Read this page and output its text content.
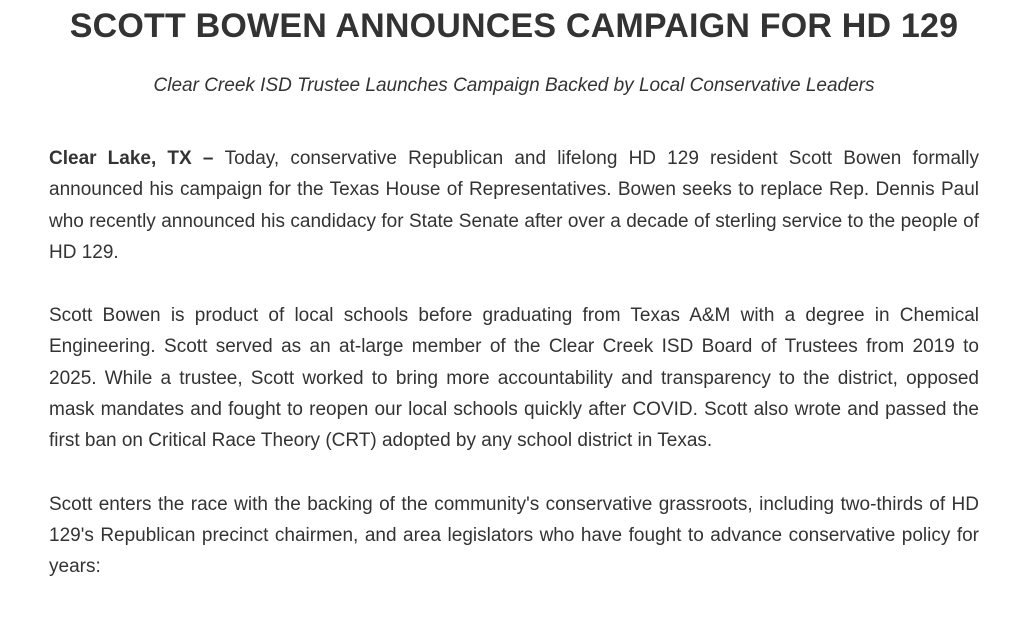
SCOTT BOWEN ANNOUNCES CAMPAIGN FOR HD 129

Clear Creek ISD Trustee Launches Campaign Backed by Local Conservative Leaders

Clear Lake, TX – Today, conservative Republican and lifelong HD 129 resident Scott Bowen formally announced his campaign for the Texas House of Representatives. Bowen seeks to replace Rep. Dennis Paul who recently announced his candidacy for State Senate after over a decade of sterling service to the people of HD 129.

Scott Bowen is product of local schools before graduating from Texas A&M with a degree in Chemical Engineering. Scott served as an at-large member of the Clear Creek ISD Board of Trustees from 2019 to 2025. While a trustee, Scott worked to bring more accountability and transparency to the district, opposed mask mandates and fought to reopen our local schools quickly after COVID. Scott also wrote and passed the first ban on Critical Race Theory (CRT) adopted by any school district in Texas.

Scott enters the race with the backing of the community's conservative grassroots, including two-thirds of HD 129's Republican precinct chairmen, and area legislators who have fought to advance conservative policy for years:
